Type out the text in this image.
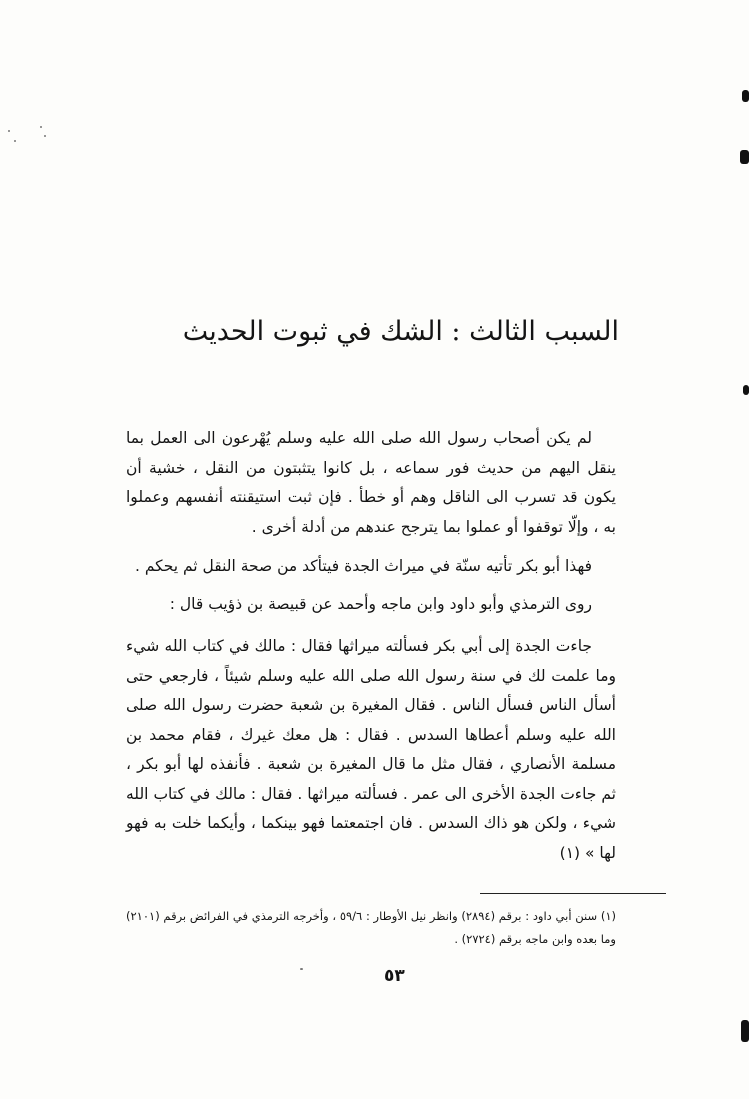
السبب الثالث : الشك في ثبوت الحديث

لم يكن أصحاب رسول الله صلى الله عليه وسلم يُهْرعون الى العمل بما ينقل اليهم من حديث فور سماعه ، بل كانوا يتثبتون من النقل ، خشية أن يكون قد تسرب الى الناقل وهم أو خطأ . فإن ثبت استيقنته أنفسهم وعملوا به ، وإلّا توقفوا أو عملوا بما يترجح عندهم من أدلة أخرى .

فهذا أبو بكر تأتيه سنّة في ميراث الجدة فيتأكد من صحة النقل ثم يحكم .

روى الترمذي وأبو داود وابن ماجه وأحمد عن قبيصة بن ذؤيب قال :

جاءت الجدة إلى أبي بكر فسألته ميراثها فقال : مالك في كتاب الله شيء وما علمت لك في سنة رسول الله صلى الله عليه وسلم شيئاً ، فارجعي حتى أسأل الناس فسأل الناس . فقال المغيرة بن شعبة حضرت رسول الله صلى الله عليه وسلم أعطاها السدس . فقال : هل معك غيرك ، فقام محمد بن مسلمة الأنصاري ، فقال مثل ما قال المغيرة بن شعبة . فأنفذه لها أبو بكر ، ثم جاءت الجدة الأخرى الى عمر . فسألته ميراثها . فقال : مالك في كتاب الله شيء ، ولكن هو ذاك السدس . فان اجتمعتما فهو بينكما ، وأيكما خلت به فهو لها » (١)

(١) سنن أبي داود : برقم (٢٨٩٤) وانظر نيل الأوطار : ٥٩/٦ ، وأخرجه الترمذي في الفرائض برقم (٢١٠١) وما بعده وابن ماجه برقم (٢٧٢٤) .

٥٣
